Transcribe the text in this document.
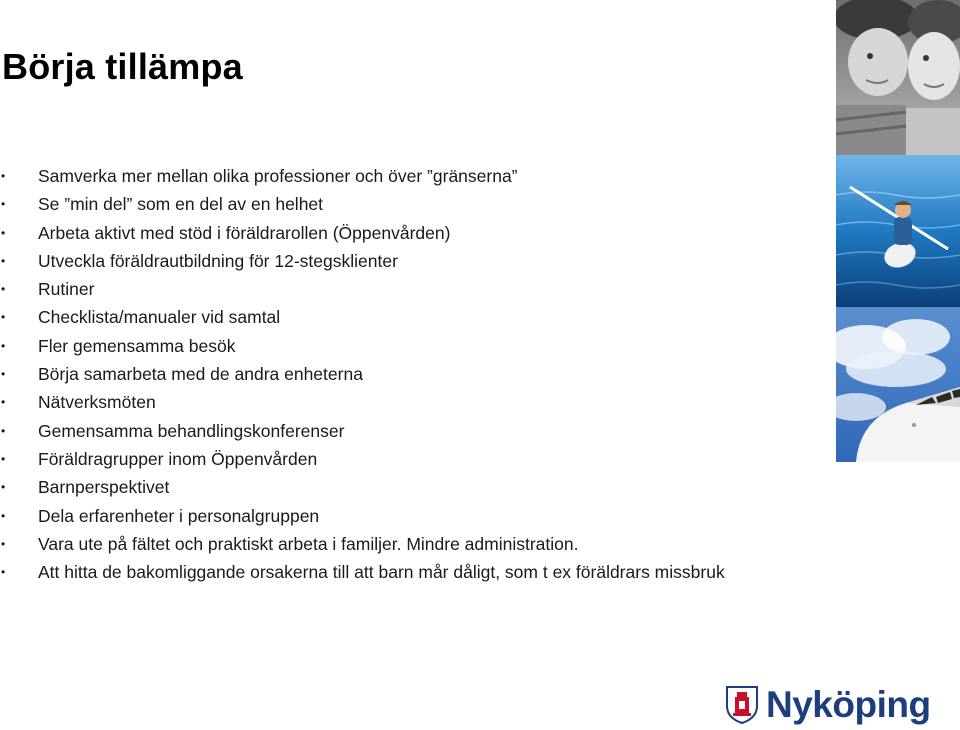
Börja tillämpa
• Samverka mer mellan olika professioner och över ”gränserna”
• Se ”min del” som en del av en helhet
• Arbeta aktivt med stöd i föräldrarollen (Öppenvården)
• Utveckla föräldrautbildning för 12-stegsklienter
• Rutiner
• Checklista/manualer vid samtal
• Fler gemensamma besök
• Börja samarbeta med de andra enheterna
• Nätverksmöten
• Gemensamma behandlingskonferenser
• Föräldragrupper inom Öppenvården
• Barnperspektivet
• Dela erfarenheter i personalgruppen
• Vara ute på fältet och praktiskt arbeta i familjer. Mindre administration.
• Att hitta de bakomliggande orsakerna till att barn mår dåligt, som t ex föräldrars missbruk
Nyköping
